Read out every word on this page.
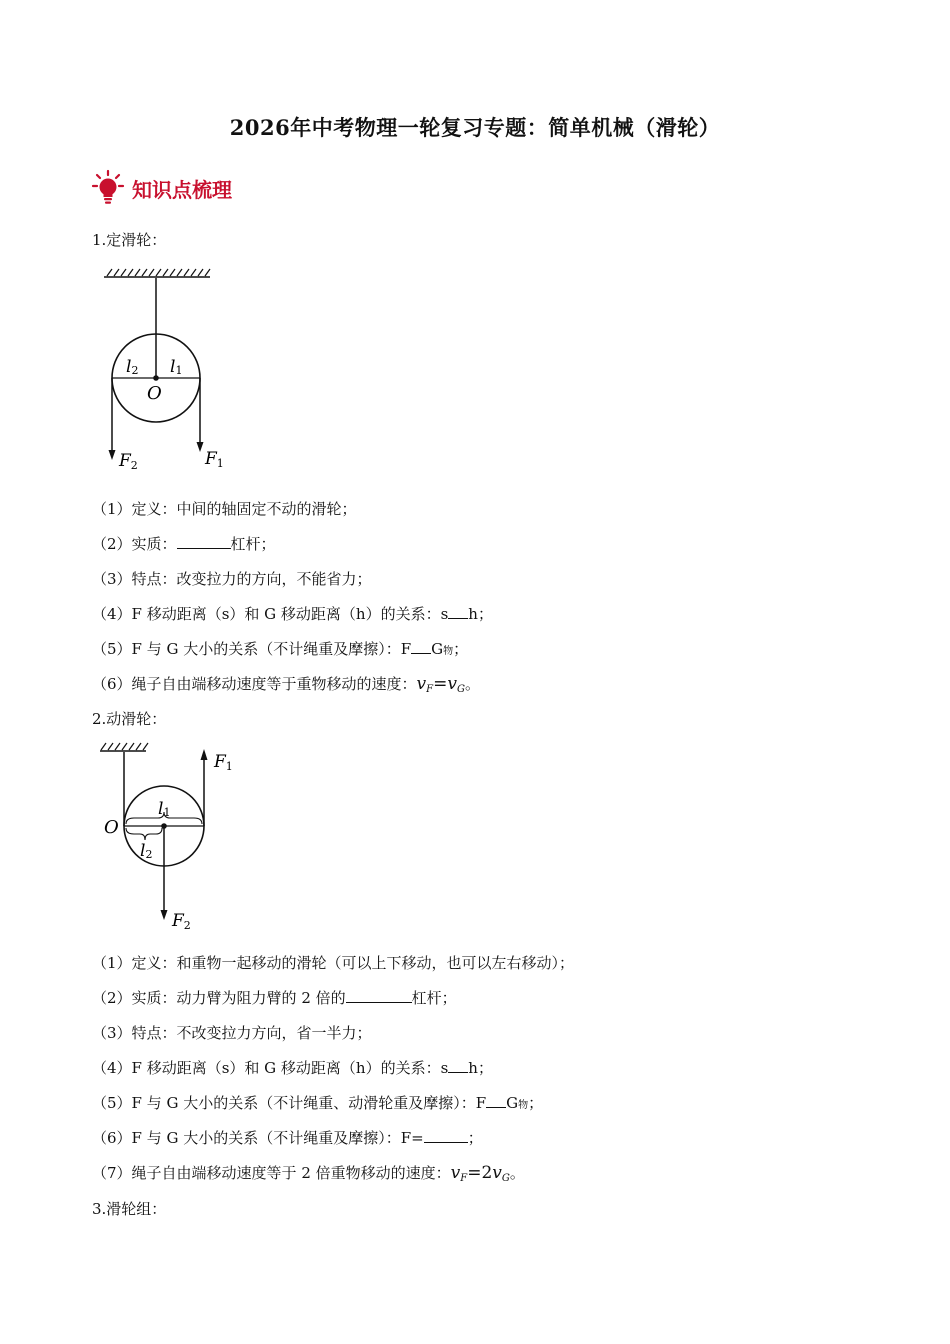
2026年中考物理一轮复习专题：简单机械（滑轮）
知识点梳理
1.定滑轮：
l2 l1
O
F2	F1
（1）定义：中间的轴固定不动的滑轮；
（2）实质：	杠杆；
（3）特点：改变拉力的方向，不能省力；
（4）F 移动距离（s）和 G 移动距离（h）的关系：s h；
（5）F 与 G 大小的关系（不计绳重及摩擦）：F G物；
（6）绳子自由端移动速度等于重物移动的速度：$v_F=v_G$。
2.动滑轮：
F1
l1
O
l2
F2
（1）定义：和重物一起移动的滑轮（可以上下移动，也可以左右移动）；
（2）实质：动力臂为阻力臂的 2 倍的	杠杆；
（3）特点：不改变拉力方向，省一半力；
（4）F 移动距离（s）和 G 移动距离（h）的关系：s h；
（5）F 与 G 大小的关系（不计绳重、动滑轮重及摩擦）：F G物；
（6）F 与 G 大小的关系（不计绳重及摩擦）：F=	；
（7）绳子自由端移动速度等于 2 倍重物移动的速度：$v_F=2v_G$。
3.滑轮组：
